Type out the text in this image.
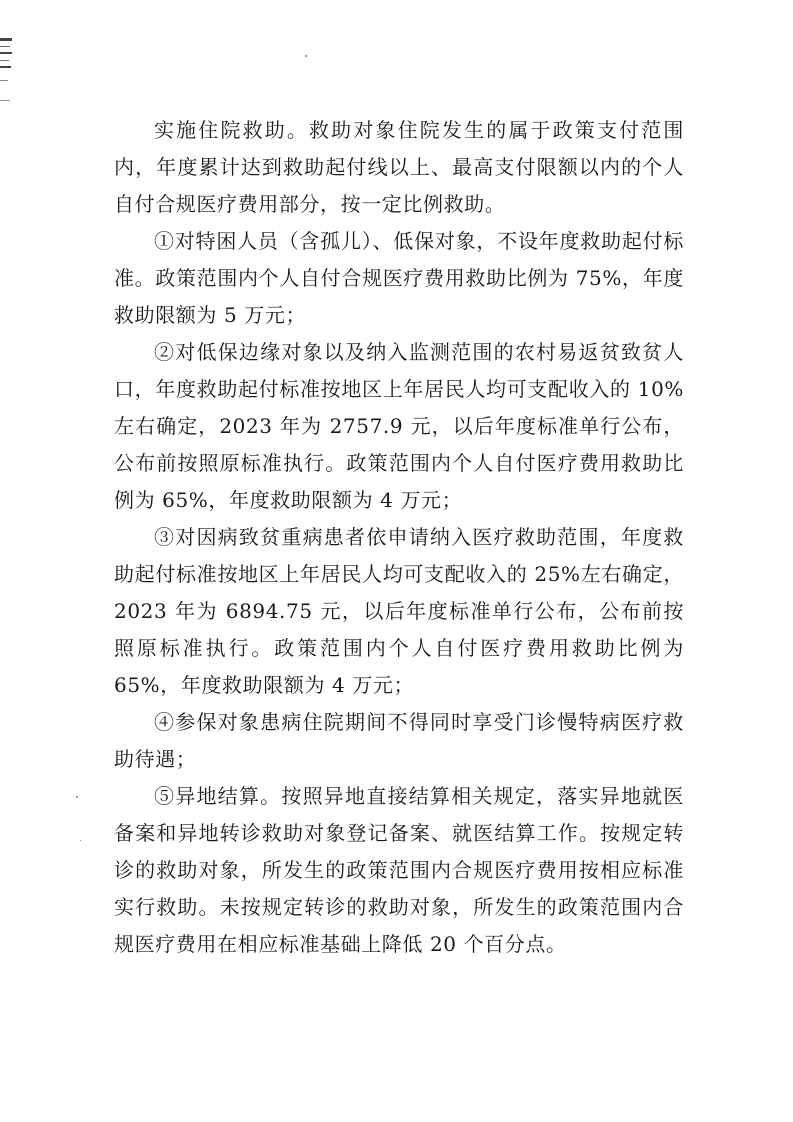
实施住院救助。救助对象住院发生的属于政策支付范围内，年度累计达到救助起付线以上、最高支付限额以内的个人自付合规医疗费用部分，按一定比例救助。

①对特困人员（含孤儿）、低保对象，不设年度救助起付标准。政策范围内个人自付合规医疗费用救助比例为 75%，年度救助限额为 5 万元；

②对低保边缘对象以及纳入监测范围的农村易返贫致贫人口，年度救助起付标准按地区上年居民人均可支配收入的 10%左右确定，2023 年为 2757.9 元，以后年度标准单行公布，公布前按照原标准执行。政策范围内个人自付医疗费用救助比例为 65%，年度救助限额为 4 万元；

③对因病致贫重病患者依申请纳入医疗救助范围，年度救助起付标准按地区上年居民人均可支配收入的 25%左右确定，2023 年为 6894.75 元，以后年度标准单行公布，公布前按照原标准执行。政策范围内个人自付医疗费用救助比例为 65%，年度救助限额为 4 万元；

④参保对象患病住院期间不得同时享受门诊慢特病医疗救助待遇；

⑤异地结算。按照异地直接结算相关规定，落实异地就医备案和异地转诊救助对象登记备案、就医结算工作。按规定转诊的救助对象，所发生的政策范围内合规医疗费用按相应标准实行救助。未按规定转诊的救助对象，所发生的政策范围内合规医疗费用在相应标准基础上降低 20 个百分点。
